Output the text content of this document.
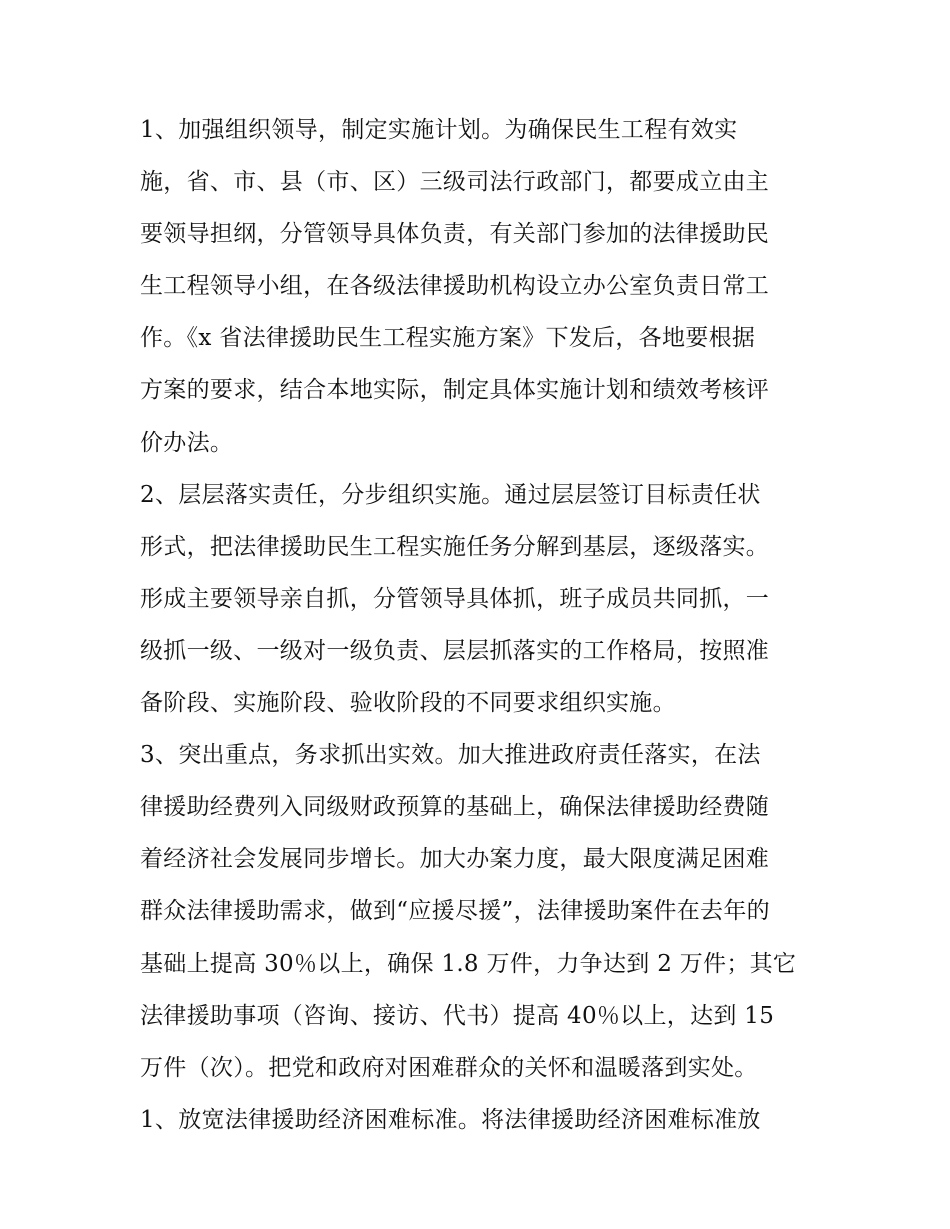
1、加强组织领导，制定实施计划。为确保民生工程有效实
施，省、市、县（市、区）三级司法行政部门，都要成立由主
要领导担纲，分管领导具体负责，有关部门参加的法律援助民
生工程领导小组，在各级法律援助机构设立办公室负责日常工
作。《x 省法律援助民生工程实施方案》下发后，各地要根据
方案的要求，结合本地实际，制定具体实施计划和绩效考核评
价办法。
2、层层落实责任，分步组织实施。通过层层签订目标责任状
形式，把法律援助民生工程实施任务分解到基层，逐级落实。
形成主要领导亲自抓，分管领导具体抓，班子成员共同抓，一
级抓一级、一级对一级负责、层层抓落实的工作格局，按照准
备阶段、实施阶段、验收阶段的不同要求组织实施。
3、突出重点，务求抓出实效。加大推进政府责任落实，在法
律援助经费列入同级财政预算的基础上，确保法律援助经费随
着经济社会发展同步增长。加大办案力度，最大限度满足困难
群众法律援助需求，做到“应援尽援”，法律援助案件在去年的
基础上提高 30％以上，确保 1.8 万件，力争达到 2 万件；其它
法律援助事项（咨询、接访、代书）提高 40％以上，达到 15
万件（次）。把党和政府对困难群众的关怀和温暖落到实处。
1、放宽法律援助经济困难标准。将法律援助经济困难标准放
